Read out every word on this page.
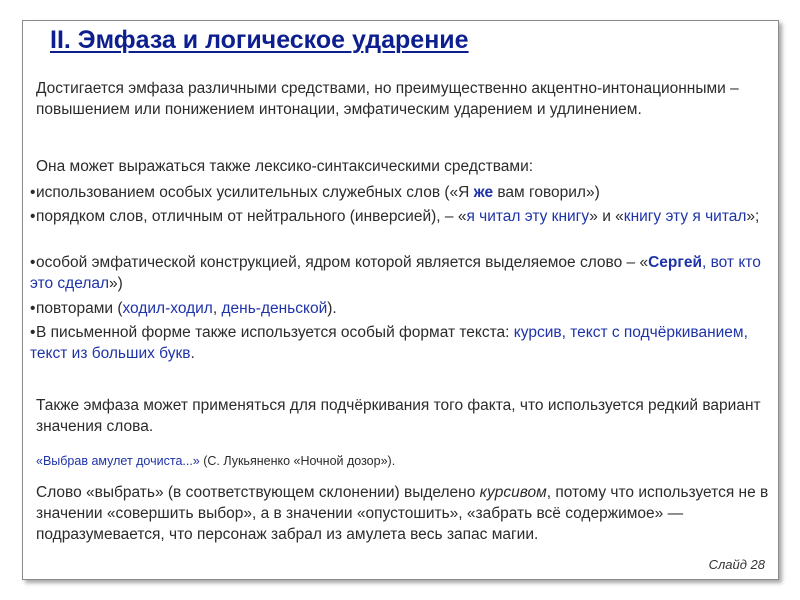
II. Эмфаза и логическое ударение
Достигается эмфаза различными средствами, но преимущественно акцентно-интонационными – повышением или понижением интонации, эмфатическим ударением и удлинением.
Она может выражаться также лексико-синтаксическими средствами:
•использованием особых усилительных служебных слов («Я же вам говорил»)
•порядком слов, отличным от нейтрального (инверсией), – «я читал эту книгу» и «книгу эту я читал»;
•особой эмфатической конструкцией, ядром которой является выделяемое слово – «Сергей, вот кто это сделал»)
•повторами (ходил-ходил, день-деньской).
•В письменной форме также используется особый формат текста: курсив, текст с подчёркиванием, текст из больших букв.
Также эмфаза может применяться для подчёркивания того факта, что используется редкий вариант значения слова.
«Выбрав амулет дочиста...» (С. Лукьяненко «Ночной дозор»).
Слово «выбрать» (в соответствующем склонении) выделено курсивом, потому что используется не в значении «совершить выбор», а в значении «опустошить», «забрать всё содержимое» — подразумевается, что персонаж забрал из амулета весь запас магии.
Слайд 28
